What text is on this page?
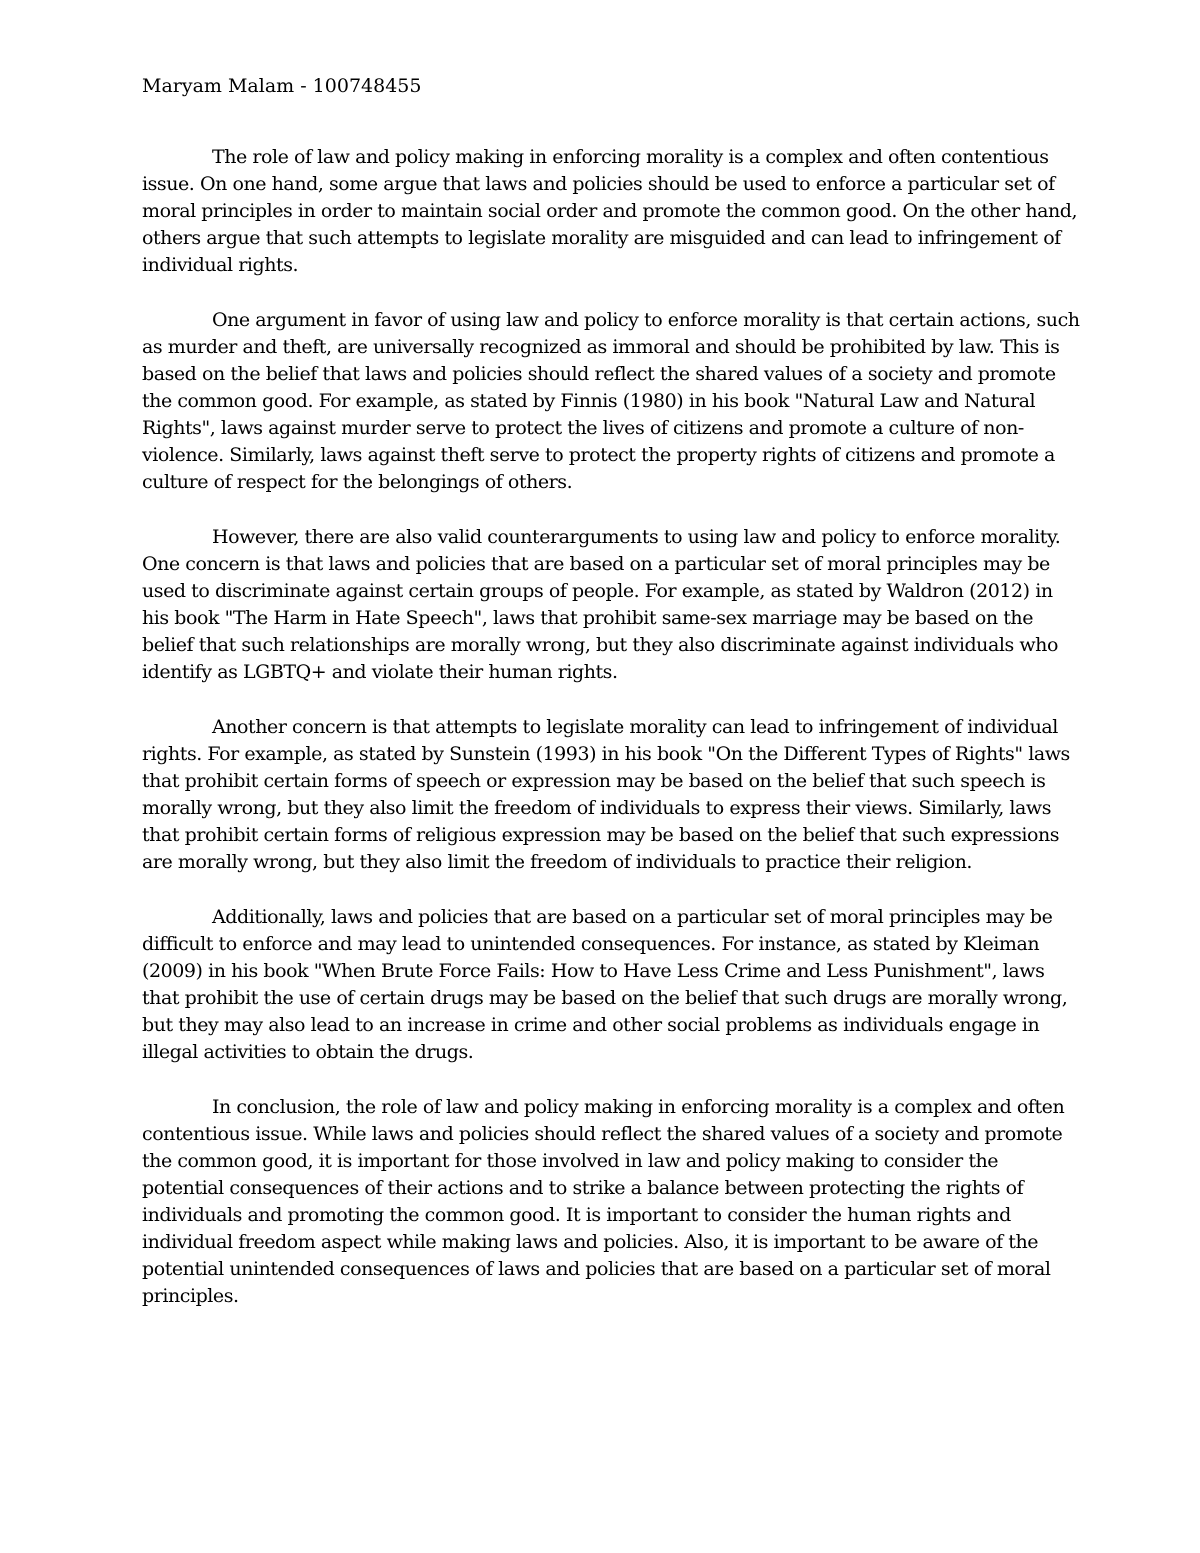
Maryam Malam - 100748455

The role of law and policy making in enforcing morality is a complex and often contentious issue. On one hand, some argue that laws and policies should be used to enforce a particular set of moral principles in order to maintain social order and promote the common good. On the other hand, others argue that such attempts to legislate morality are misguided and can lead to infringement of individual rights.

One argument in favor of using law and policy to enforce morality is that certain actions, such as murder and theft, are universally recognized as immoral and should be prohibited by law. This is based on the belief that laws and policies should reflect the shared values of a society and promote the common good. For example, as stated by Finnis (1980) in his book "Natural Law and Natural Rights", laws against murder serve to protect the lives of citizens and promote a culture of non-violence. Similarly, laws against theft serve to protect the property rights of citizens and promote a culture of respect for the belongings of others.

However, there are also valid counterarguments to using law and policy to enforce morality. One concern is that laws and policies that are based on a particular set of moral principles may be used to discriminate against certain groups of people. For example, as stated by Waldron (2012) in his book "The Harm in Hate Speech", laws that prohibit same-sex marriage may be based on the belief that such relationships are morally wrong, but they also discriminate against individuals who identify as LGBTQ+ and violate their human rights.

Another concern is that attempts to legislate morality can lead to infringement of individual rights. For example, as stated by Sunstein (1993) in his book "On the Different Types of Rights" laws that prohibit certain forms of speech or expression may be based on the belief that such speech is morally wrong, but they also limit the freedom of individuals to express their views. Similarly, laws that prohibit certain forms of religious expression may be based on the belief that such expressions are morally wrong, but they also limit the freedom of individuals to practice their religion.

Additionally, laws and policies that are based on a particular set of moral principles may be difficult to enforce and may lead to unintended consequences. For instance, as stated by Kleiman (2009) in his book "When Brute Force Fails: How to Have Less Crime and Less Punishment", laws that prohibit the use of certain drugs may be based on the belief that such drugs are morally wrong, but they may also lead to an increase in crime and other social problems as individuals engage in illegal activities to obtain the drugs.

In conclusion, the role of law and policy making in enforcing morality is a complex and often contentious issue. While laws and policies should reflect the shared values of a society and promote the common good, it is important for those involved in law and policy making to consider the potential consequences of their actions and to strike a balance between protecting the rights of individuals and promoting the common good. It is important to consider the human rights and individual freedom aspect while making laws and policies. Also, it is important to be aware of the potential unintended consequences of laws and policies that are based on a particular set of moral principles.
